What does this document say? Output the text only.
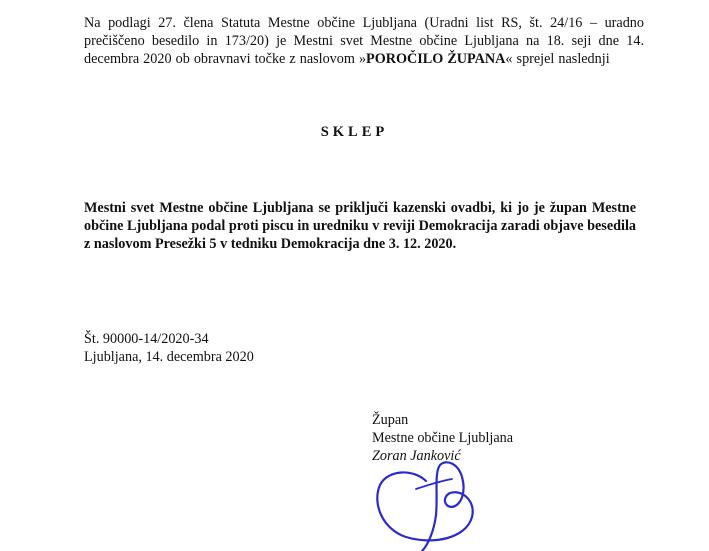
Na podlagi 27. člena Statuta Mestne občine Ljubljana (Uradni list RS, št. 24/16 – uradno prečiščeno besedilo in 173/20) je Mestni svet Mestne občine Ljubljana na 18. seji dne 14. decembra 2020 ob obravnavi točke z naslovom »POROČILO ŽUPANA« sprejel naslednji

SKLEP

Mestni svet Mestne občine Ljubljana se priključi kazenski ovadbi, ki jo je župan Mestne občine Ljubljana podal proti piscu in uredniku v reviji Demokracija zaradi objave besedila z naslovom Presežki 5 v tedniku Demokracija dne 3. 12. 2020.

Št. 90000-14/2020-34
Ljubljana, 14. decembra 2020
Župan
Mestne občine Ljubljana
Zoran Janković
